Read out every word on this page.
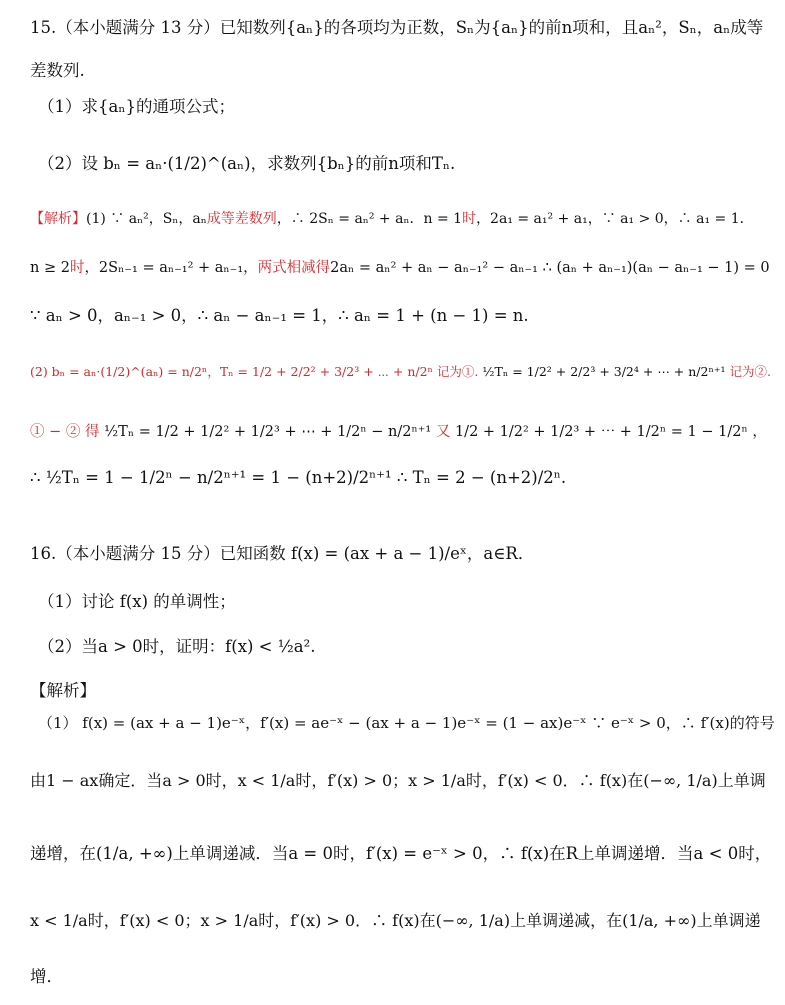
15.（本小题满分 13 分）已知数列{aₙ}的各项均为正数，Sₙ为{aₙ}的前n项和，且aₙ²，Sₙ，aₙ成等
差数列.
（1）求{aₙ}的通项公式；
（2）设 bₙ = aₙ·(1/2)^(aₙ)，求数列{bₙ}的前n项和Tₙ.
【解析】(1) ∵ aₙ²，Sₙ，aₙ成等差数列，∴ 2Sₙ = aₙ² + aₙ．n = 1时，2a₁ = a₁² + a₁，∵ a₁ > 0，∴ a₁ = 1．
n ≥ 2时，2Sₙ₋₁ = aₙ₋₁² + aₙ₋₁，两式相减得2aₙ = aₙ² + aₙ − aₙ₋₁² − aₙ₋₁ ∴ (aₙ + aₙ₋₁)(aₙ − aₙ₋₁ − 1) = 0
∵ aₙ > 0，aₙ₋₁ > 0，∴ aₙ − aₙ₋₁ = 1，∴ aₙ = 1 + (n − 1) = n.
(2) bₙ = aₙ·(1/2)^(aₙ) = n/2ⁿ，Tₙ = 1/2 + 2/2² + 3/2³ + ⋯ + n/2ⁿ 记为①. ½Tₙ = 1/2² + 2/2³ + 3/2⁴ + ⋯ + n/2ⁿ⁺¹ 记为②.
① − ② 得 ½Tₙ = 1/2 + 1/2² + 1/2³ + ⋯ + 1/2ⁿ − n/2ⁿ⁺¹ 又 1/2 + 1/2² + 1/2³ + ⋯ + 1/2ⁿ = 1 − 1/2ⁿ ，
∴ ½Tₙ = 1 − 1/2ⁿ − n/2ⁿ⁺¹ = 1 − (n+2)/2ⁿ⁺¹ ∴ Tₙ = 2 − (n+2)/2ⁿ.
16.（本小题满分 15 分）已知函数 f(x) = (ax + a − 1)/eˣ，a∈R．
（1）讨论 f(x) 的单调性；
（2）当a > 0时，证明：f(x) < ½a².
【解析】
（1） f(x) = (ax + a − 1)e⁻ˣ，f′(x) = ae⁻ˣ − (ax + a − 1)e⁻ˣ = (1 − ax)e⁻ˣ ∵ e⁻ˣ > 0，∴ f′(x)的符号
由1 − ax确定．当a > 0时，x < 1/a时，f′(x) > 0；x > 1/a时，f′(x) < 0．∴ f(x)在(−∞, 1/a)上单调
递增，在(1/a, +∞)上单调递减．当a = 0时，f′(x) = e⁻ˣ > 0，∴ f(x)在R上单调递增．当a < 0时，
x < 1/a时，f′(x) < 0；x > 1/a时，f′(x) > 0．∴ f(x)在(−∞, 1/a)上单调递减，在(1/a, +∞)上单调递
增．
